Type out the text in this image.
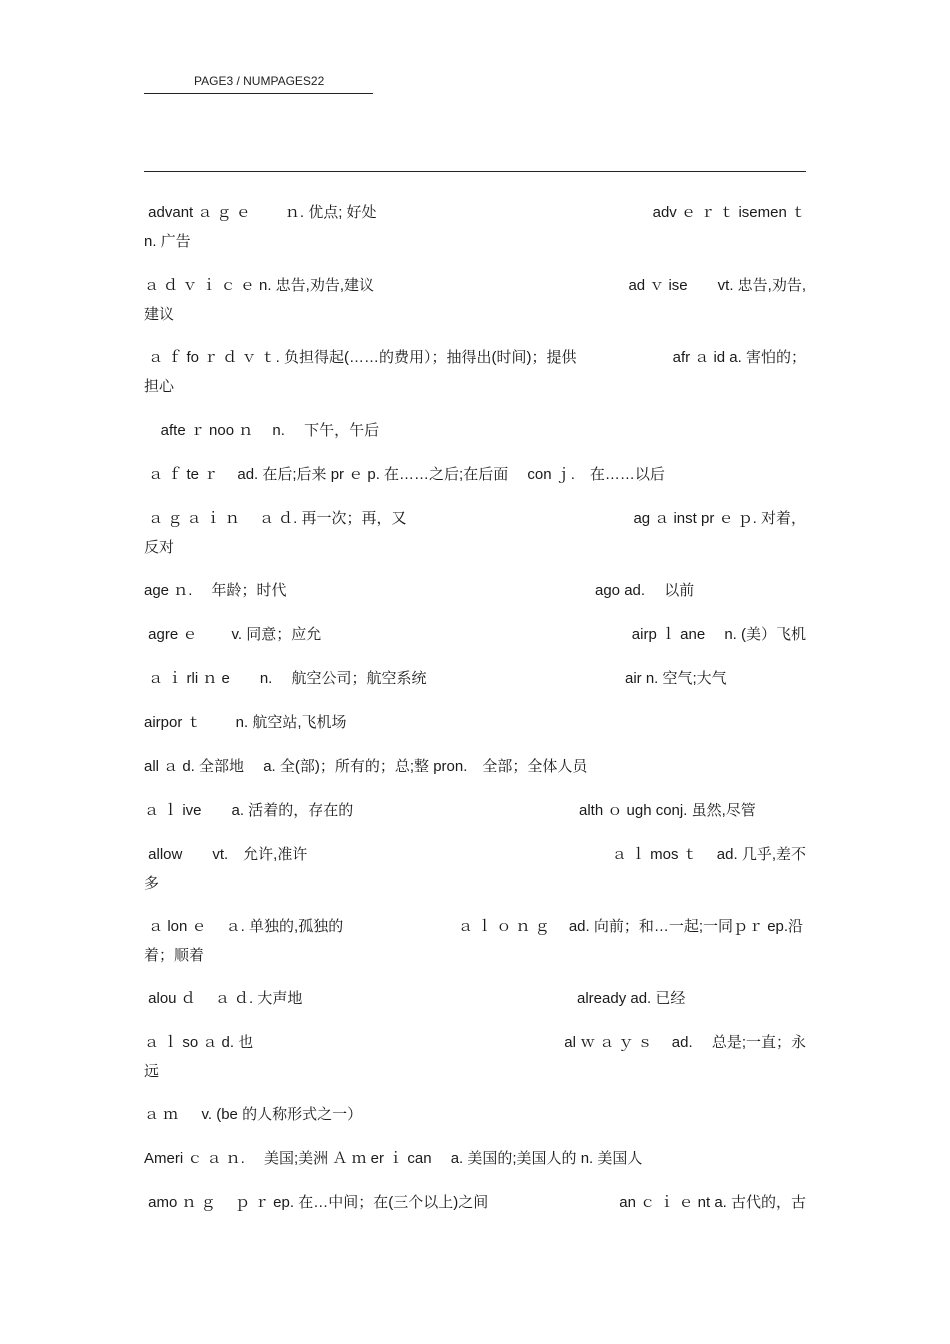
PAGE3 / NUMPAGES22
advant ａ ｇ ｅ 　　ｎ. 优点; 好处	adv ｅ ｒ ｔ isemen ｔ
n. 广告
ａ ｄ ｖ ｉ ｃ ｅ n. 忠告,劝告,建议	ad ｖ ise　　vt. 忠告,劝告,
建议
ａ ｆ fo ｒ ｄ ｖ ｔ. 负担得起(……的费用）；抽得出(时间)；提供	afr ａ id a. 害怕的；
担心
afte ｒ noo ｎ　 n.　 下午，午后
ａ ｆ te ｒ　 ad. 在后;后来 pr ｅ p. 在……之后;在后面　 con ｊ.　在……以后
ａ ｇ ａ ｉ ｎ　 ａ ｄ. 再一次；再，又	ag ａ inst pr ｅ ｐ. 对着，
反对
age ｎ.　 年龄；时代	ago ad.　 以前
agre ｅ 　　v. 同意；应允	airp ｌ ane　 n. (美）飞机
ａ ｉ rli ｎ e　　n.　 航空公司；航空系统	air n. 空气;大气
airpor ｔ 　　n. 航空站,飞机场
all ａ d. 全部地　 a. 全(部)；所有的；总;整 pron.　全部；全体人员
ａ ｌ ive　　a. 活着的，存在的	alth ｏ ugh conj. 虽然,尽管
allow　　vt.　允许,准许	ａ ｌ mos ｔ 　ad. 几乎,差不
多
ａ lon ｅ 　ａ. 单独的,孤独的	ａ ｌ ｏ ｎ ｇ 　ad. 向前；和…一起;一同ｐｒ ep.沿
着；顺着
alou ｄ 　ａ ｄ. 大声地	already ad. 已经
ａ ｌ so ａ d. 也	al ｗ ａ ｙ ｓ 　ad.　 总是;一直；永
远
ａ ｍ 　 v. (be 的人称形式之一）
Ameri ｃ ａ ｎ.　 美国;美洲 Ａ ｍ er ｉ can　 a. 美国的;美国人的 n. 美国人
amo ｎ ｇ 　ｐ ｒ ep. 在…中间；在(三个以上)之间	an ｃ ｉ ｅ nt a. 古代的，古
